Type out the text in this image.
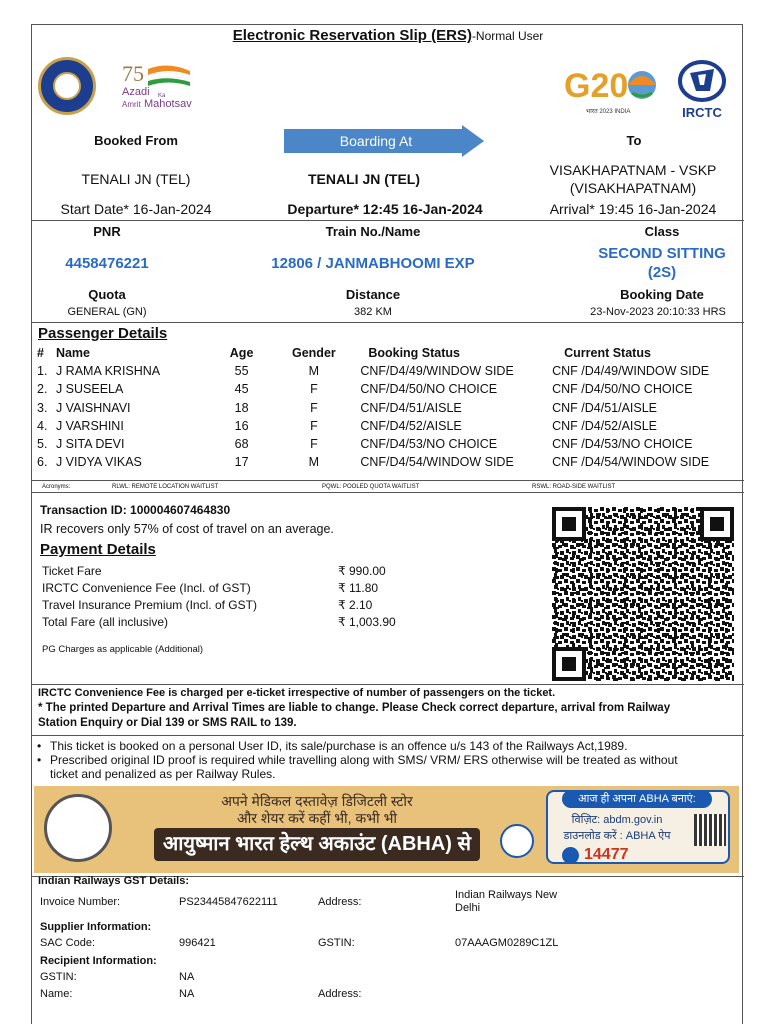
Electronic Reservation Slip (ERS)-Normal User
75
Azadi Ka
Amrit Mahotsav	G20
भारत 2023 INDIA	IRCTC
Booked From	Boarding At	To
TENALI JN (TEL)	TENALI JN (TEL)
VISAKHAPATNAM - VSKP
(VISAKHAPATNAM)
Start Date* 16-Jan-2024	Departure* 12:45 16-Jan-2024	Arrival* 19:45 16-Jan-2024
PNR	Train No./Name	Class
4458476221	12806 / JANMABHOOMI EXP
SECOND SITTING
(2S)
Quota	Distance	Booking Date
GENERAL (GN)	382 KM	23-Nov-2023 20:10:33 HRS
Passenger Details
#	Name	Age	Gender	Booking Status	Current Status
1.	J RAMA KRISHNA	55	M	CNF/D4/49/WINDOW SIDE	CNF /D4/49/WINDOW SIDE
2.	J SUSEELA	45	F	CNF/D4/50/NO CHOICE	CNF /D4/50/NO CHOICE
3.	J VAISHNAVI	18	F	CNF/D4/51/AISLE	CNF /D4/51/AISLE
4.	J VARSHINI	16	F	CNF/D4/52/AISLE	CNF /D4/52/AISLE
5.	J SITA DEVI	68	F	CNF/D4/53/NO CHOICE	CNF /D4/53/NO CHOICE
6.	J VIDYA VIKAS	17	M	CNF/D4/54/WINDOW SIDE	CNF /D4/54/WINDOW SIDE
Acronyms:	RLWL: REMOTE LOCATION WAITLIST	PQWL: POOLED QUOTA WAITLIST	RSWL: ROAD-SIDE WAITLIST
Transaction ID: 100004607464830
IR recovers only 57% of cost of travel on an average.
Payment Details
Ticket Fare	₹ 990.00
IRCTC Convenience Fee (Incl. of GST)	₹ 11.80
Travel Insurance Premium (Incl. of GST)	₹ 2.10
Total Fare (all inclusive)	₹ 1,003.90
PG Charges as applicable (Additional)
IRCTC Convenience Fee is charged per e-ticket irrespective of number of passengers on the ticket.
* The printed Departure and Arrival Times are liable to change. Please Check correct departure, arrival from Railway
Station Enquiry or Dial 139 or SMS RAIL to 139.
• This ticket is booked on a personal User ID, its sale/purchase is an offence u/s 143 of the Railways Act,1989.
• Prescribed original ID proof is required while travelling along with SMS/ VRM/ ERS otherwise will be treated as without
ticket and penalized as per Railway Rules.
अपने मेडिकल दस्तावेज़ डिजिटली स्टोर
और शेयर करें कहीं भी, कभी भी
आयुष्मान भारत हेल्थ अकाउंट (ABHA) से
आज ही अपना ABHA बनाएं:
विज़िट: abdm.gov.in
डाउनलोड करें : ABHA ऐप
14477
Indian Railways GST Details:
Invoice Number:	PS23445847622111	Address:
Indian Railways New
Delhi
Supplier Information:
SAC Code:	996421	GSTIN:	07AAAGM0289C1ZL
Recipient Information:
GSTIN:	NA
Name:	NA	Address:
